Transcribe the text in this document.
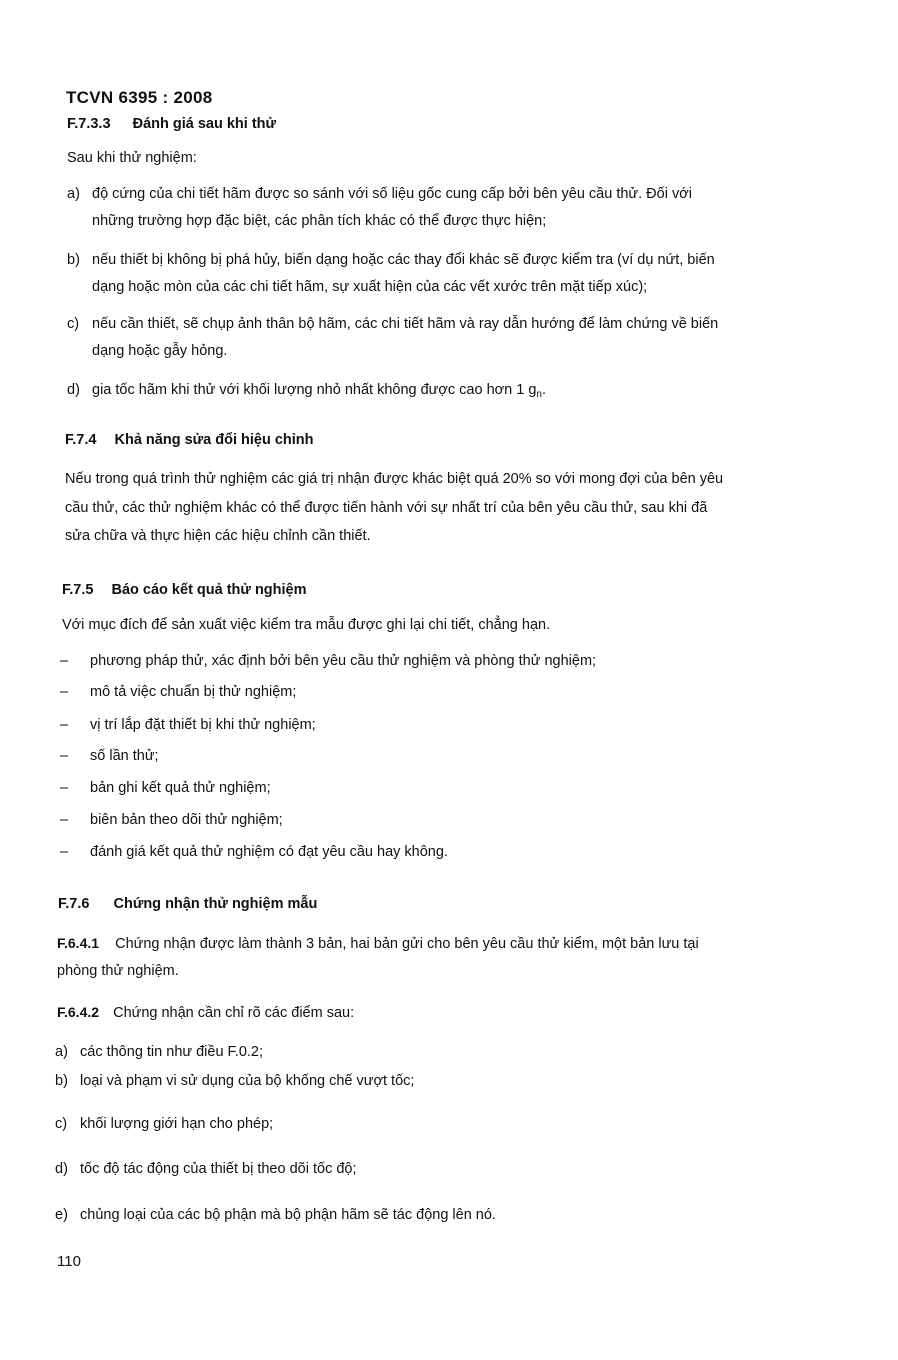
TCVN 6395 : 2008
F.7.3.3 Đánh giá sau khi thử
Sau khi thử nghiệm:
a) độ cứng của chi tiết hãm được so sánh với số liệu gốc cung cấp bởi bên yêu cầu thử. Đối với
những trường hợp đặc biệt, các phân tích khác có thể được thực hiện;
b) nếu thiết bị không bị phá hủy, biến dạng hoặc các thay đổi khác sẽ được kiểm tra (ví dụ nứt, biến
dạng hoặc mòn của các chi tiết hãm, sự xuất hiện của các vết xước trên mặt tiếp xúc);
c) nếu cần thiết, sẽ chụp ảnh thân bộ hãm, các chi tiết hãm và ray dẫn hướng để làm chứng về biến
dạng hoặc gẫy hỏng.
d) gia tốc hãm khi thử với khối lượng nhỏ nhất không được cao hơn 1 $g_n$.
F.7.4 Khả năng sửa đổi hiệu chỉnh
Nếu trong quá trình thử nghiệm các giá trị nhận được khác biệt quá 20% so với mong đợi của bên yêu
cầu thử, các thử nghiệm khác có thể được tiến hành với sự nhất trí của bên yêu cầu thử, sau khi đã
sửa chữa và thực hiện các hiệu chỉnh cần thiết.
F.7.5 Báo cáo kết quả thử nghiệm
Với mục đích để sản xuất việc kiểm tra mẫu được ghi lại chi tiết, chẳng hạn.
– phương pháp thử, xác định bởi bên yêu cầu thử nghiệm và phòng thử nghiệm;
– mô tả việc chuẩn bị thử nghiệm;
– vị trí lắp đặt thiết bị khi thử nghiệm;
– số lần thử;
– bản ghi kết quả thử nghiệm;
– biên bản theo dõi thử nghiệm;
– đánh giá kết quả thử nghiệm có đạt yêu cầu hay không.
F.7.6 Chứng nhận thử nghiệm mẫu
F.6.4.1 Chứng nhận được làm thành 3 bản, hai bản gửi cho bên yêu cầu thử kiểm, một bản lưu tại
phòng thử nghiệm.
F.6.4.2 Chứng nhận cần chỉ rõ các điểm sau:
a) các thông tin như điều F.0.2;
b) loại và phạm vi sử dụng của bộ khống chế vượt tốc;
c) khối lượng giới hạn cho phép;
d) tốc độ tác động của thiết bị theo dõi tốc độ;
e) chủng loại của các bộ phận mà bộ phận hãm sẽ tác động lên nó.
110
